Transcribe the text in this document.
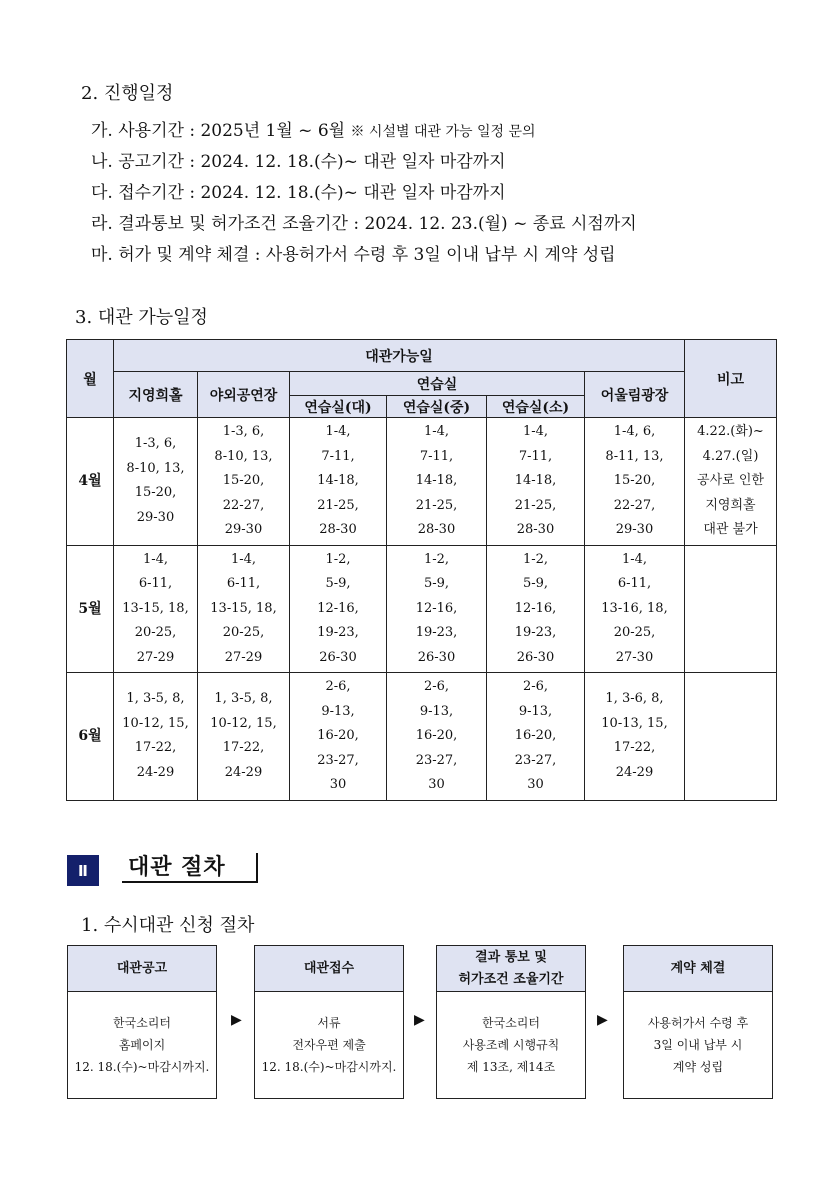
2. 진행일정
가. 사용기간 : 2025년 1월 ~ 6월 ※ 시설별 대관 가능 일정 문의
나. 공고기간 : 2024. 12. 18.(수)~ 대관 일자 마감까지
다. 접수기간 : 2024. 12. 18.(수)~ 대관 일자 마감까지
라. 결과통보 및 허가조건 조율기간 : 2024. 12. 23.(월) ~ 종료 시점까지
마. 허가 및 계약 체결 : 사용허가서 수령 후 3일 이내 납부 시 계약 성립
3. 대관 가능일정
월	대관가능일						비고
	지영희홀	야외공연장	연습실			어울림광장	
			연습실(대)	연습실(중)	연습실(소)		
4월	1-3, 6,
8-10, 13,
15-20,
29-30	1-3, 6,
8-10, 13,
15-20,
22-27,
29-30	1-4,
7-11,
14-18,
21-25,
28-30	1-4,
7-11,
14-18,
21-25,
28-30	1-4,
7-11,
14-18,
21-25,
28-30	1-4, 6,
8-11, 13,
15-20,
22-27,
29-30	4.22.(화)~
4.27.(일)
공사로 인한
지영희홀
대관 불가
5월	1-4,
6-11,
13-15, 18,
20-25,
27-29	1-4,
6-11,
13-15, 18,
20-25,
27-29	1-2,
5-9,
12-16,
19-23,
26-30	1-2,
5-9,
12-16,
19-23,
26-30	1-2,
5-9,
12-16,
19-23,
26-30	1-4,
6-11,
13-16, 18,
20-25,
27-30	
6월	1, 3-5, 8,
10-12, 15,
17-22,
24-29	1, 3-5, 8,
10-12, 15,
17-22,
24-29	2-6,
9-13,
16-20,
23-27,
30	2-6,
9-13,
16-20,
23-27,
30	2-6,
9-13,
16-20,
23-27,
30	1, 3-6, 8,
10-13, 15,
17-22,
24-29	
Ⅱ	대관 절차
1. 수시대관 신청 절차
대관공고
한국소리터
홈페이지
12. 18.(수)~마감시까지.
▶
대관접수
서류
전자우편 제출
12. 18.(수)~마감시까지.
▶
결과 통보 및
허가조건 조율기간
한국소리터
사용조례 시행규칙
제 13조, 제14조
▶
계약 체결
사용허가서 수령 후
3일 이내 납부 시
계약 성립
